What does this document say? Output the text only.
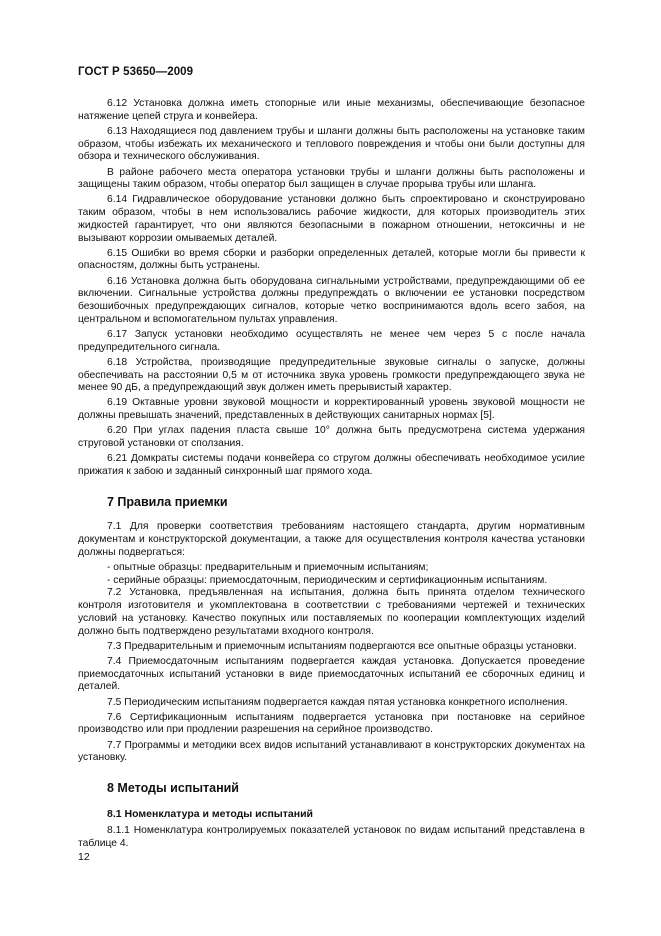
ГОСТ Р 53650—2009

6.12 Установка должна иметь стопорные или иные механизмы, обеспечивающие безопасное натяжение цепей струга и конвейера.

6.13 Находящиеся под давлением трубы и шланги должны быть расположены на установке таким образом, чтобы избежать их механического и теплового повреждения и чтобы они были доступны для обзора и технического обслуживания.

В районе рабочего места оператора установки трубы и шланги должны быть расположены и защищены таким образом, чтобы оператор был защищен в случае прорыва трубы или шланга.

6.14 Гидравлическое оборудование установки должно быть спроектировано и сконструировано таким образом, чтобы в нем использовались рабочие жидкости, для которых производитель этих жидкостей гарантирует, что они являются безопасными в пожарном отношении, нетоксичны и не вызывают коррозии омываемых деталей.

6.15 Ошибки во время сборки и разборки определенных деталей, которые могли бы привести к опасностям, должны быть устранены.

6.16 Установка должна быть оборудована сигнальными устройствами, предупреждающими об ее включении. Сигнальные устройства должны предупреждать о включении ее установки посредством безошибочных предупреждающих сигналов, которые четко воспринимаются вдоль всего забоя, на центральном и вспомогательном пультах управления.

6.17 Запуск установки необходимо осуществлять не менее чем через 5 с после начала предупредительного сигнала.

6.18 Устройства, производящие предупредительные звуковые сигналы о запуске, должны обеспечивать на расстоянии 0,5 м от источника звука уровень громкости предупреждающего звука не менее 90 дБ, а предупреждающий звук должен иметь прерывистый характер.

6.19 Октавные уровни звуковой мощности и корректированный уровень звуковой мощности не должны превышать значений, представленных в действующих санитарных нормах [5].

6.20 При углах падения пласта свыше 10° должна быть предусмотрена система удержания струговой установки от сползания.

6.21 Домкраты системы подачи конвейера со стругом должны обеспечивать необходимое усилие прижатия к забою и заданный синхронный шаг прямого хода.

7 Правила приемки

7.1 Для проверки соответствия требованиям настоящего стандарта, другим нормативным документам и конструкторской документации, а также для осуществления контроля качества установки должны подвергаться:

- опытные образцы: предварительным и приемочным испытаниям;
- серийные образцы: приемосдаточным, периодическим и сертификационным испытаниям.

7.2 Установка, предъявленная на испытания, должна быть принята отделом технического контроля изготовителя и укомплектована в соответствии с требованиями чертежей и технических условий на установку. Качество покупных или поставляемых по кооперации комплектующих изделий должно быть подтверждено результатами входного контроля.

7.3 Предварительным и приемочным испытаниям подвергаются все опытные образцы установки.

7.4 Приемосдаточным испытаниям подвергается каждая установка. Допускается проведение приемосдаточных испытаний установки в виде приемосдаточных испытаний ее сборочных единиц и деталей.

7.5 Периодическим испытаниям подвергается каждая пятая установка конкретного исполнения.

7.6 Сертификационным испытаниям подвергается установка при постановке на серийное производство или при продлении разрешения на серийное производство.

7.7 Программы и методики всех видов испытаний устанавливают в конструкторских документах на установку.

8 Методы испытаний
8.1 Номенклатура и методы испытаний

8.1.1 Номенклатура контролируемых показателей установок по видам испытаний представлена в таблице 4.

12
